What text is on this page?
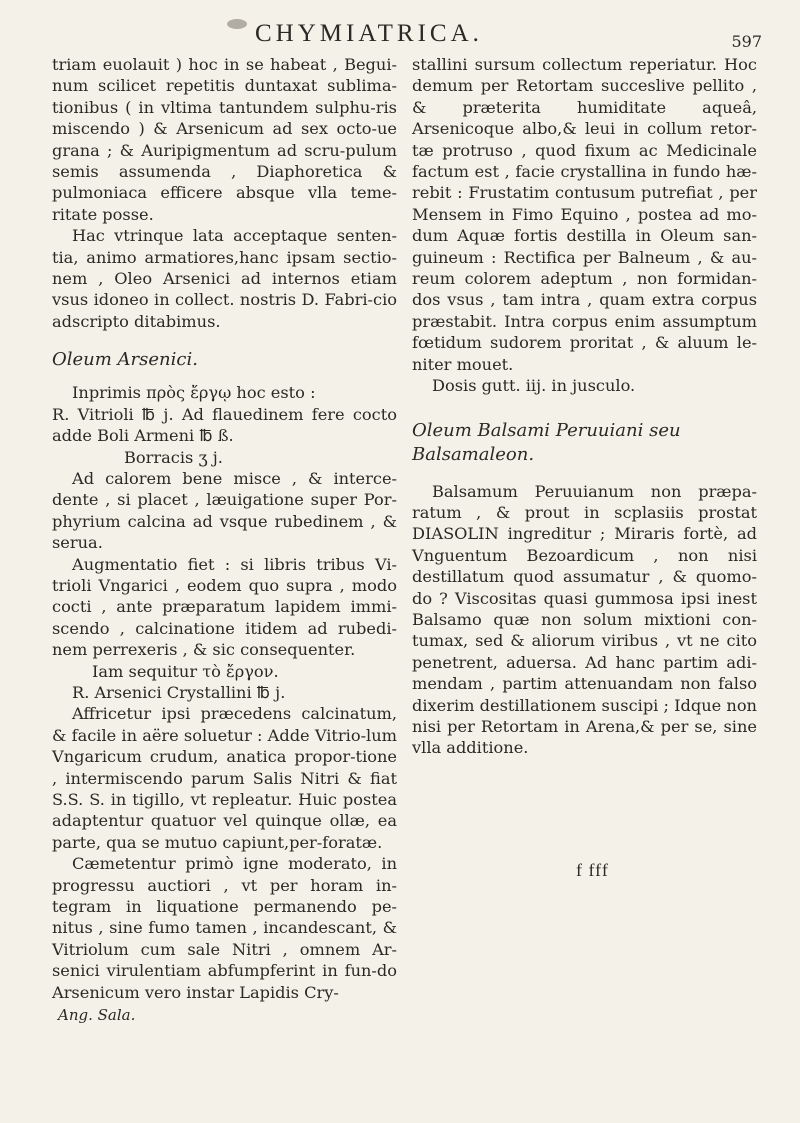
CHYMIATRICA.	597

triam euolauit ) hoc in se habeat , Begui-num scilicet repetitis duntaxat sublima-tionibus ( in vltima tantundem sulphu-ris miscendo ) & Arsenicum ad sex octo-ue grana ; & Auripigmentum ad scru-pulum semis assumenda , Diaphoretica & pulmoniaca efficere absque vlla teme-ritate posse.

Hac vtrinque lata acceptaque senten-tia, animo armatiores,hanc ipsam sectio-nem , Oleo Arsenici ad internos etiam vsus idoneo in collect. nostris D. Fabri-cio adscripto ditabimus.

Oleum Arsenici.

Inprimis πρὸς ἔργῳ hoc esto :

R. Vitrioli ℔ j. Ad flauedinem fere cocto adde Boli Armeni ℔ ß.

Borracis ʒ j.

Ad calorem bene misce , & interce-dente , si placet , læuigatione super Por-phyrium calcina ad vsque rubedinem , & serua.

Augmentatio fiet : si libris tribus Vi-trioli Vngarici , eodem quo supra , modo cocti , ante præparatum lapidem immi-scendo , calcinatione itidem ad rubedi-nem perrexeris , & sic consequenter.

Iam sequitur τὸ ἔργον.

R. Arsenici Crystallini ℔ j.

Affricetur ipsi præcedens calcinatum, & facile in aëre soluetur : Adde Vitrio-lum Vngaricum crudum, anatica propor-tione , intermiscendo parum Salis Nitri & fiat S.S. S. in tigillo, vt repleatur. Huic postea adaptentur quatuor vel quinque ollæ, ea parte, qua se mutuo capiunt,per-foratæ.

Cæmetentur primò igne moderato, in progressu auctiori , vt per horam in-tegram in liquatione permanendo pe-nitus , sine fumo tamen , incandescant, & Vitriolum cum sale Nitri , omnem Ar-senici virulentiam abfumpferint in fun-do Arsenicum vero instar Lapidis Cry-

Ang. Sala.

stallini sursum collectum reperiatur. Hoc demum per Retortam succeslive pellito , & præterita humiditate aqueâ, Arsenicoque albo,& leui in collum retor-tæ protruso , quod fixum ac Medicinale factum est , facie crystallina in fundo hæ-rebit : Frustatim contusum putrefiat , per Mensem in Fimo Equino , postea ad mo-dum Aquæ fortis destilla in Oleum san-guineum : Rectifica per Balneum , & au-reum colorem adeptum , non formidan-dos vsus , tam intra , quam extra corpus præstabit. Intra corpus enim assumptum fœtidum sudorem proritat , & aluum le-niter mouet.

Dosis gutt. iij. in jusculo.

Oleum Balsami Peruuiani seu
Balsamaleon.

Balsamum Peruuianum non præpa-ratum , & prout in scplasiis prostat DIASOLIN ingreditur ; Miraris fortè, ad Vnguentum Bezoardicum , non nisi destillatum quod assumatur , & quomo-do ? Viscositas quasi gummosa ipsi inest Balsamo quæ non solum mixtioni con-tumax, sed & aliorum viribus , vt ne cito penetrent, aduersa. Ad hanc partim adi-mendam , partim attenuandam non falso dixerim destillationem suscipi ; Idque non nisi per Retortam in Arena,& per se, sine vlla additione.

f fff
